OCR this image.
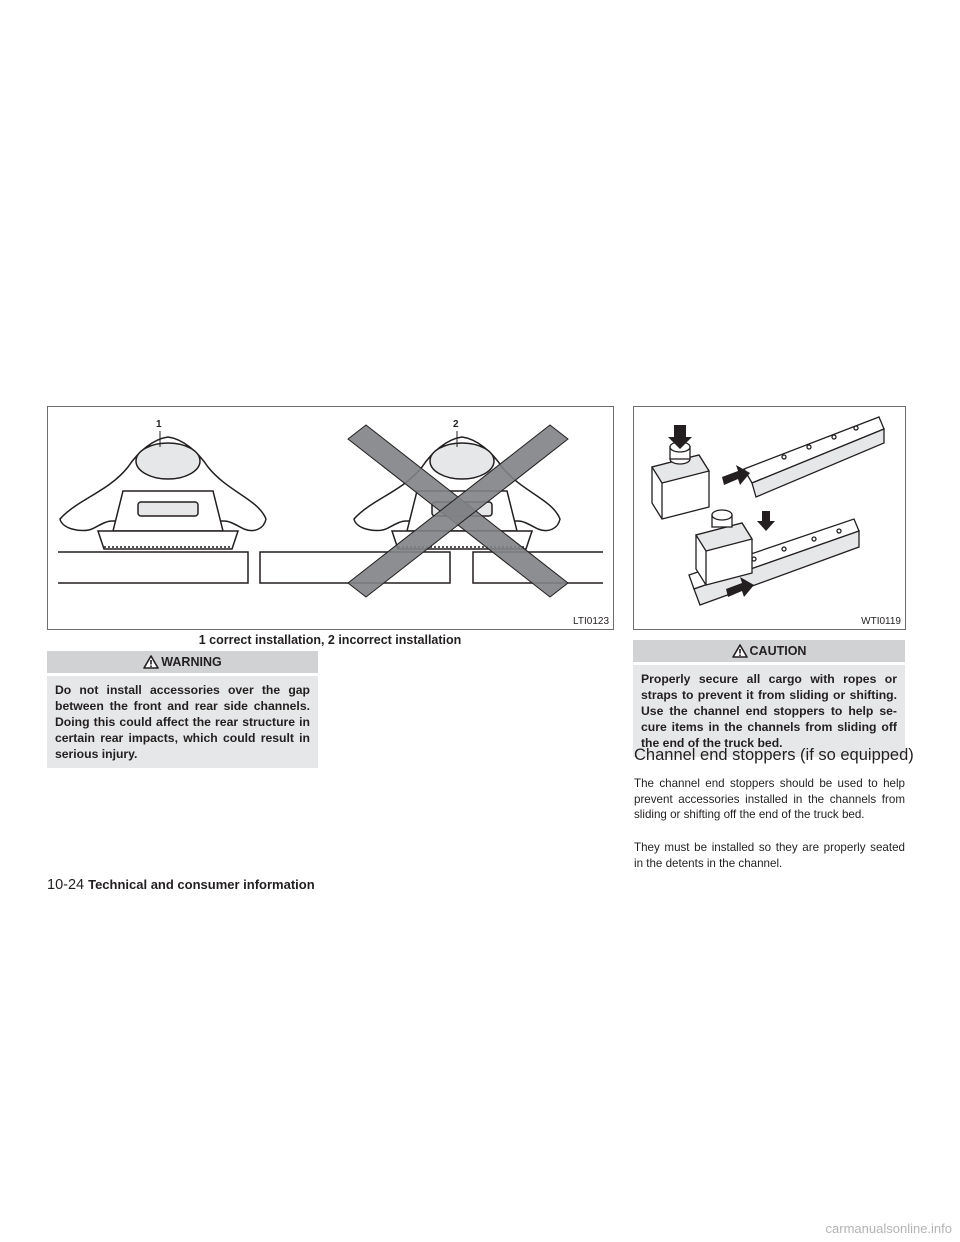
1	2
LTI0123
1 correct installation, 2 incorrect installation
WTI0119
WARNING
Do not install accessories over the gap between the front and rear side channels. Doing this could affect the rear structure in certain rear impacts, which could result in serious injury.
CAUTION
Properly secure all cargo with ropes or straps to prevent it from sliding or shifting. Use the channel end stoppers to help se-cure items in the channels from sliding off the end of the truck bed.
Channel end stoppers (if so equipped)
The channel end stoppers should be used to help prevent accessories installed in the channels from sliding or shifting off the end of the truck bed.
They must be installed so they are properly seated in the detents in the channel.
10-24 Technical and consumer information
carmanualsonline.info
